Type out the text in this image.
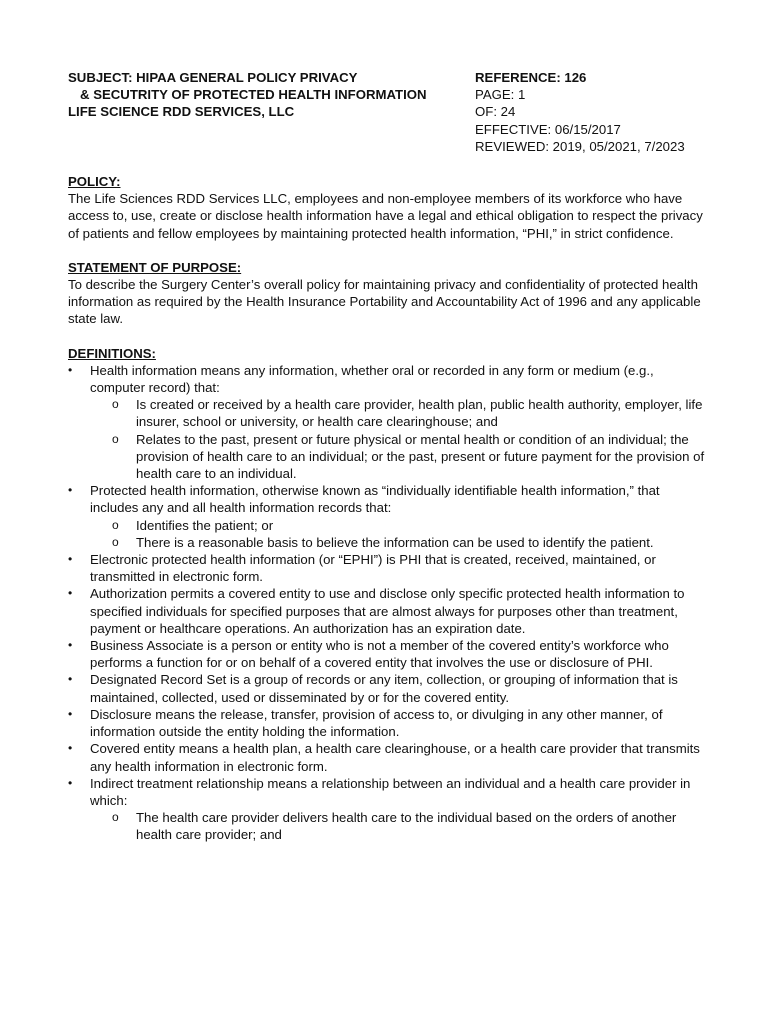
SUBJECT: HIPAA GENERAL POLICY PRIVACY
& SECUTRITY OF PROTECTED HEALTH INFORMATION
LIFE SCIENCE RDD SERVICES, LLC
REFERENCE: 126
PAGE: 1
OF: 24
EFFECTIVE: 06/15/2017
REVIEWED: 2019, 05/2021, 7/2023
POLICY:

The Life Sciences RDD Services LLC, employees and non-employee members of its workforce who have access to, use, create or disclose health information have a legal and ethical obligation to respect the privacy of patients and fellow employees by maintaining protected health information, “PHI,” in strict confidence.

STATEMENT OF PURPOSE:

To describe the Surgery Center’s overall policy for maintaining privacy and confidentiality of protected health information as required by the Health Insurance Portability and Accountability Act of 1996 and any applicable state law.

DEFINITIONS:
•	Health information means any information, whether oral or recorded in any form or medium (e.g., computer record) that:
o	Is created or received by a health care provider, health plan, public health authority, employer, life insurer, school or university, or health care clearinghouse; and
o	Relates to the past, present or future physical or mental health or condition of an individual; the provision of health care to an individual; or the past, present or future payment for the provision of health care to an individual.
•	Protected health information, otherwise known as “individually identifiable health information,” that includes any and all health information records that:
o	Identifies the patient; or
o	There is a reasonable basis to believe the information can be used to identify the patient.
•	Electronic protected health information (or “EPHI”) is PHI that is created, received, maintained, or transmitted in electronic form.
•	Authorization permits a covered entity to use and disclose only specific protected health information to specified individuals for specified purposes that are almost always for purposes other than treatment, payment or healthcare operations. An authorization has an expiration date.
•	Business Associate is a person or entity who is not a member of the covered entity’s workforce who performs a function for or on behalf of a covered entity that involves the use or disclosure of PHI.
•	Designated Record Set is a group of records or any item, collection, or grouping of information that is maintained, collected, used or disseminated by or for the covered entity.
•	Disclosure means the release, transfer, provision of access to, or divulging in any other manner, of information outside the entity holding the information.
•	Covered entity means a health plan, a health care clearinghouse, or a health care provider that transmits any health information in electronic form.
•	Indirect treatment relationship means a relationship between an individual and a health care provider in which:
o	The health care provider delivers health care to the individual based on the orders of another health care provider; and
